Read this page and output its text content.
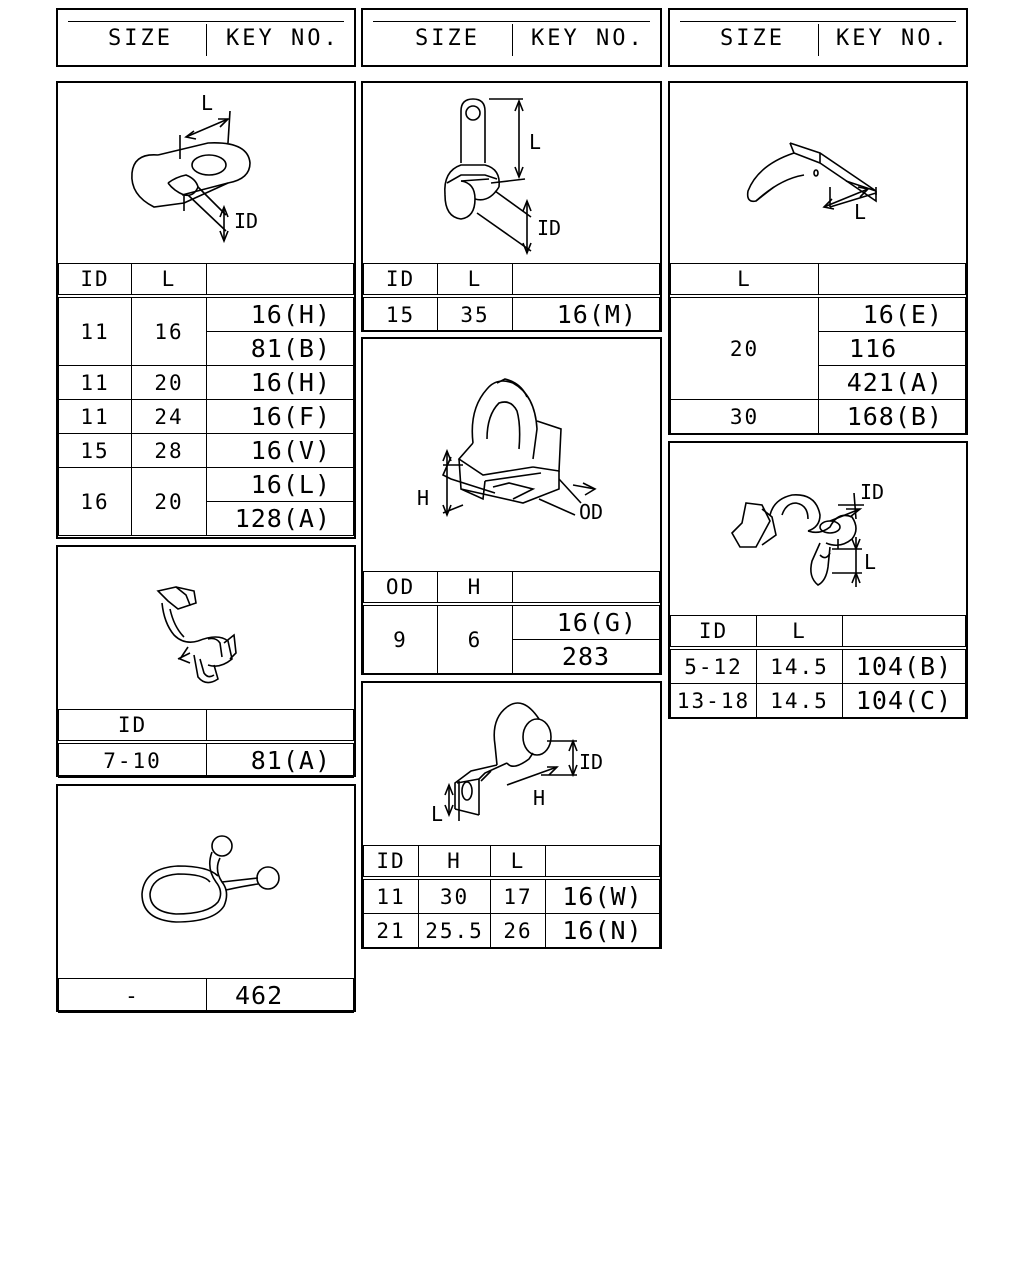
SIZE KEY NO.	SIZE KEY NO.	SIZE KEY NO.
L
ID
ID	L	
11	16	16(H)
		81(B)
11	20	16(H)
11	24	16(F)
15	28	16(V)
16	20	16(L)
		128(A)
ID	
7-10	81(A)
-	462
L
ID
ID	L	
15	35	16(M)
H
OD
OD	H	
9	6	16(G)
		283
ID
H
L
ID	H	L	
11	30	17	16(W)
21	25.5	26	16(N)
L
L	
20	16(E)
	116
	421(A)
30	168(B)
ID
L
ID	L	
5-12	14.5	104(B)
13-18	14.5	104(C)
